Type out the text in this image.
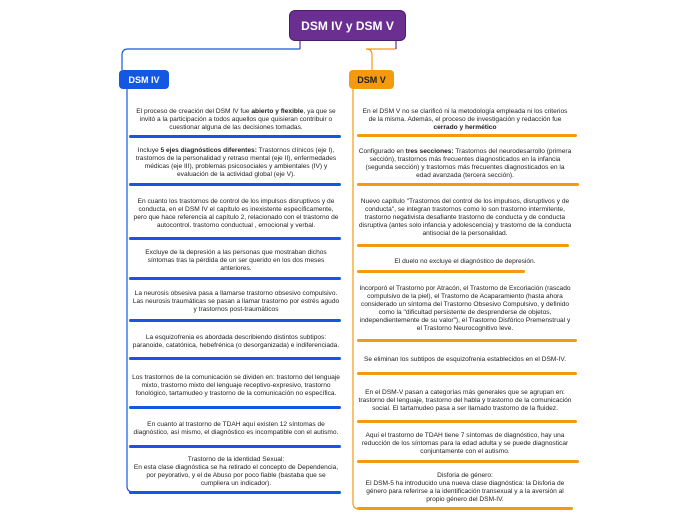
DSM IV y DSM V
DSM IV	DSM V

El proceso de creación del DSM IV fue abierto y flexible, ya que se invitó a la participación a todos aquellos que quisieran contribuir o cuestionar alguna de las decisiones tomadas.

Incluye 5 ejes diagnósticos diferentes: Trastornos clínicos (eje I), trastornos de la personalidad y retraso mental (eje II), enfermedades médicas (eje III), problemas psicosociales y ambientales (IV) y evaluación de la actividad global (eje V).

En cuanto los trastornos de control de los impulsos disruptivos y de conducta, en el DSM IV el capítulo es inexistente específicamente, pero que hace referencia al capítulo 2, relacionado con el trastorno de autocontrol. trastorno conductual , emocional y verbal.

Excluye de la depresión a las personas que mostraban dichos síntomas tras la pérdida de un ser querido en los dos meses anteriores.

La neurosis obsesiva pasa a llamarse trastorno obsesivo compulsivo. Las neurosis traumáticas se pasan a llamar trastorno por estrés agudo y trastornos post-traumáticos

La esquizofrenia es abordada describiendo distintos subtipos: paranoide, catatónica, hebefrénica (o desorganizada) e indiferenciada.

Los trastornos de la comunicación se dividen en: trastorno del lenguaje mixto, trastorno mixto del lenguaje receptivo-expresivo, trastorno fonológico, tartamudeo y trastorno de la comunicación no específica.

En cuanto al trastorno de TDAH aquí existen 12 síntomas de diagnóstico, así mismo, el diagnóstico es incompatible con el autismo.

Trastorno de la identidad Sexual:

En esta clase diagnóstica se ha retirado el concepto de Dependencia, por peyorativo, y el de Abuso por poco fiable (bastaba que se cumpliera un indicador).

En el DSM V no se clarificó ni la metodología empleada ni los criterios de la misma. Además, el proceso de investigación y redacción fue cerrado y hermético

Configurado en tres secciones: Trastornos del neurodesarrollo (primera sección), trastornos más frecuentes diagnosticados en la infancia (segunda sección) y trastornos más frecuentes diagnosticados en la edad avanzada (tercera sección).

Nuevo capítulo "Trastornos del control de los impulsos, disruptivos y de conducta", se integran trastornos como lo son trastorno intermitente, trastorno negativista desafiante trastorno de conducta y de conducta disruptiva (antes solo infancia y adolescencia) y trastorno de la conducta antisocial de la personalidad.

El duelo no excluye el diagnóstico de depresión.

Incorporó el Trastorno por Atracón, el Trastorno de Excoriación (rascado compulsivo de la piel), el Trastorno de Acaparamiento (hasta ahora considerado un síntoma del Trastorno Obsesivo Compulsivo, y definido como la "dificultad persistente de desprenderse de objetos, independientemente de su valor"), el Trastorno Disfórico Premenstrual y el Trastorno Neurocognitivo leve.

Se eliminan los subtipos de esquizofrenia establecidos en el DSM-IV.

En el DSM-V pasan a categorías más generales que se agrupan en: trastorno del lenguaje, trastorno del habla y trastorno de la comunicación social. El tartamudeo pasa a ser llamado trastorno de la fluidez.

Aquí el trastorno de TDAH tiene 7 síntomas de diagnóstico, hay una reducción de los síntomas para la edad adulta y se puede diagnosticar conjuntamente con el autismo.

Disforia de género:

El DSM-5 ha introducido una nueva clase diagnóstica: la Disforia de género para referirse a la identificación transexual y a la aversión al propio género del DSM-IV.
